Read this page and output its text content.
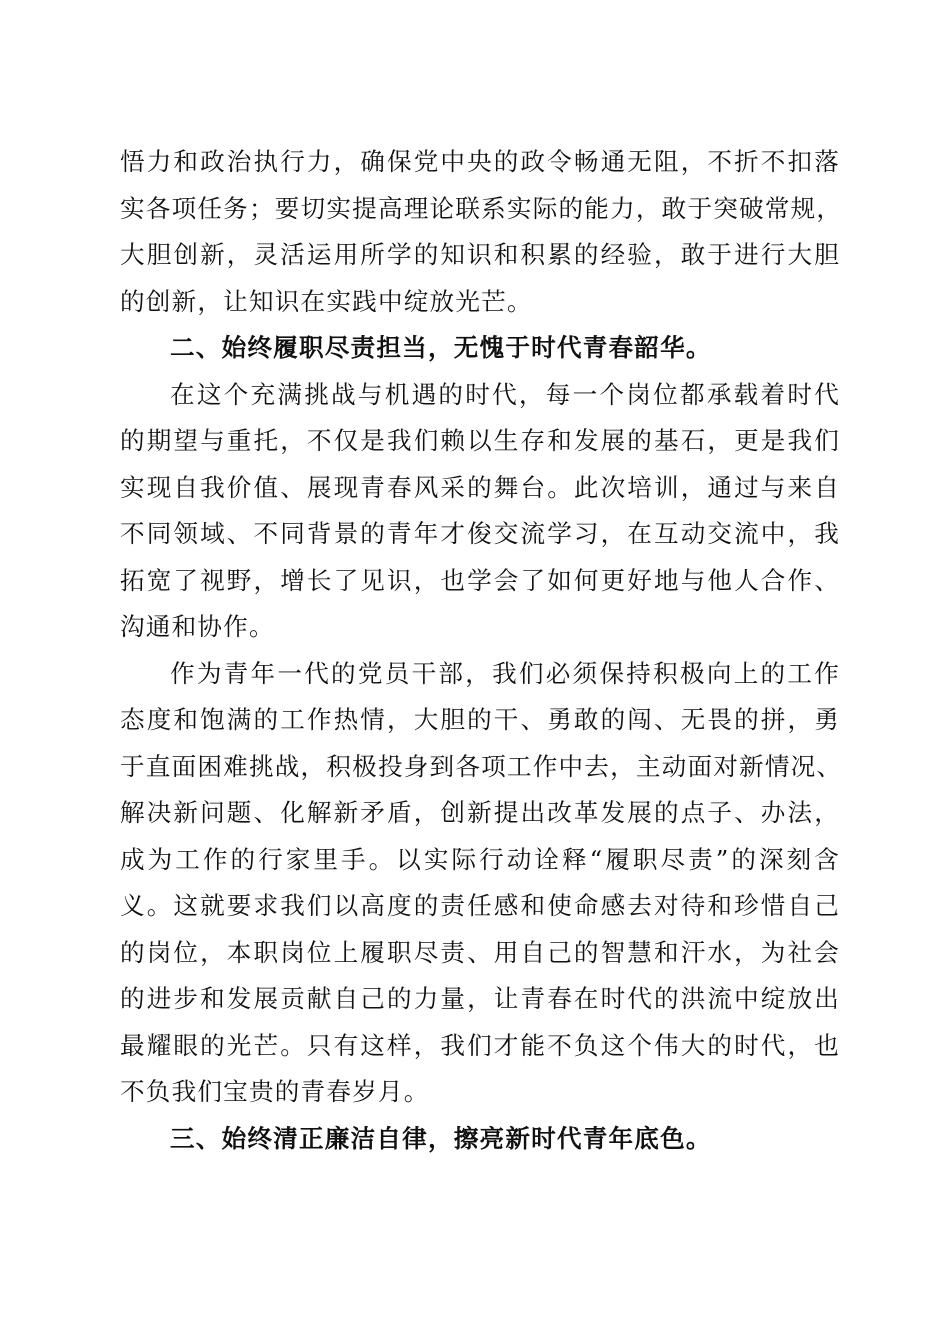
悟力和政治执行力，确保党中央的政令畅通无阻，不折不扣落
实各项任务；要切实提高理论联系实际的能力，敢于突破常规，
大胆创新，灵活运用所学的知识和积累的经验，敢于进行大胆
的创新，让知识在实践中绽放光芒。
二、始终履职尽责担当，无愧于时代青春韶华。
在这个充满挑战与机遇的时代，每一个岗位都承载着时代
的期望与重托，不仅是我们赖以生存和发展的基石，更是我们
实现自我价值、展现青春风采的舞台。此次培训，通过与来自
不同领域、不同背景的青年才俊交流学习，在互动交流中，我
拓宽了视野，增长了见识，也学会了如何更好地与他人合作、
沟通和协作。
作为青年一代的党员干部，我们必须保持积极向上的工作
态度和饱满的工作热情，大胆的干、勇敢的闯、无畏的拼，勇
于直面困难挑战，积极投身到各项工作中去，主动面对新情况、
解决新问题、化解新矛盾，创新提出改革发展的点子、办法，
成为工作的行家里手。以实际行动诠释“履职尽责”的深刻含
义。这就要求我们以高度的责任感和使命感去对待和珍惜自己
的岗位，本职岗位上履职尽责、用自己的智慧和汗水，为社会
的进步和发展贡献自己的力量，让青春在时代的洪流中绽放出
最耀眼的光芒。只有这样，我们才能不负这个伟大的时代，也
不负我们宝贵的青春岁月。
三、始终清正廉洁自律，擦亮新时代青年底色。
